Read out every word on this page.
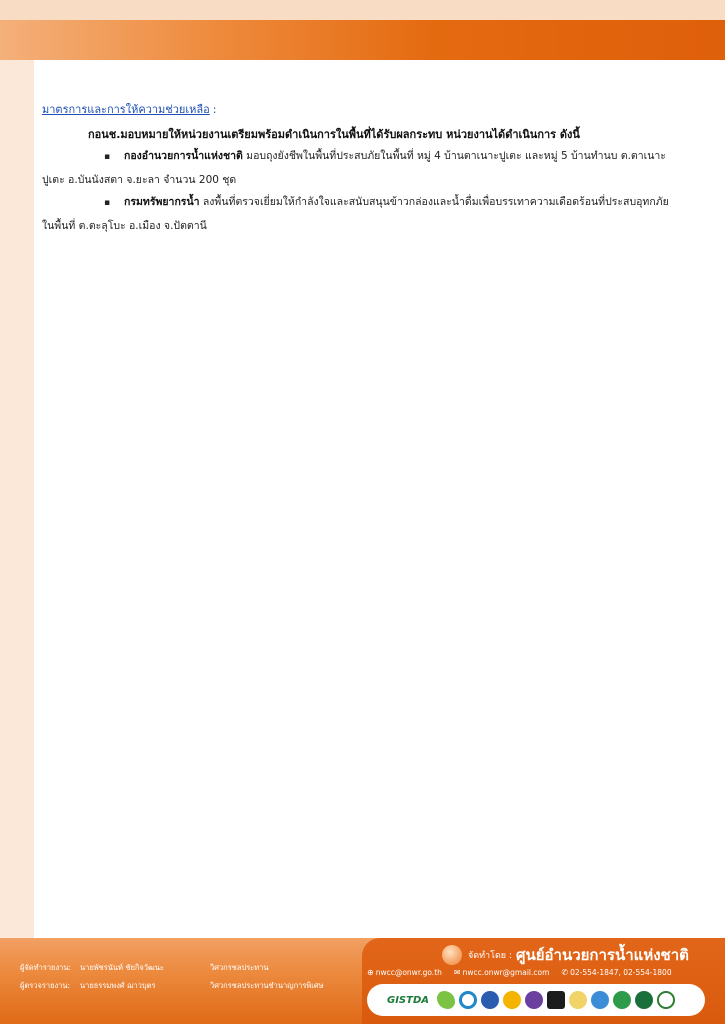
มาตรการและการให้ความช่วยเหลือ :
กอนช.มอบหมายให้หน่วยงานเตรียมพร้อมดำเนินการในพื้นที่ได้รับผลกระทบ หน่วยงานได้ดำเนินการ ดังนี้
▪ กองอำนวยการน้ำแห่งชาติ มอบถุงยังชีพในพื้นที่ประสบภัยในพื้นที่ หมู่ 4 บ้านตาเนาะปูเตะ และหมู่ 5 บ้านทำนบ ต.ตาเนาะ
ปูเตะ อ.บันนังสตา จ.ยะลา จำนวน 200 ชุด
▪ กรมทรัพยากรน้ำ ลงพื้นที่ตรวจเยี่ยมให้กำลังใจและสนับสนุนข้าวกล่องและน้ำดื่มเพื่อบรรเทาความเดือดร้อนที่ประสบอุทกภัย
ในพื้นที่ ต.ตะลุโบะ อ.เมือง จ.ปัตตานี
ผู้จัดทำรายงาน: นายพัชรนันท์ ชัยกิจวัฒนะ	วิศวกรชลประทาน
ผู้ตรวจรายงาน: นายธรรมพงศ์ ฌาวบุตร	วิศวกรชลประทานชำนาญการพิเศษ
จัดทำโดย : ศูนย์อำนวยการน้ำแห่งชาติ
⊕ nwcc@onwr.go.th ✉ nwcc.onwr@gmail.com ✆ 02-554-1847, 02-554-1800
GISTDA
